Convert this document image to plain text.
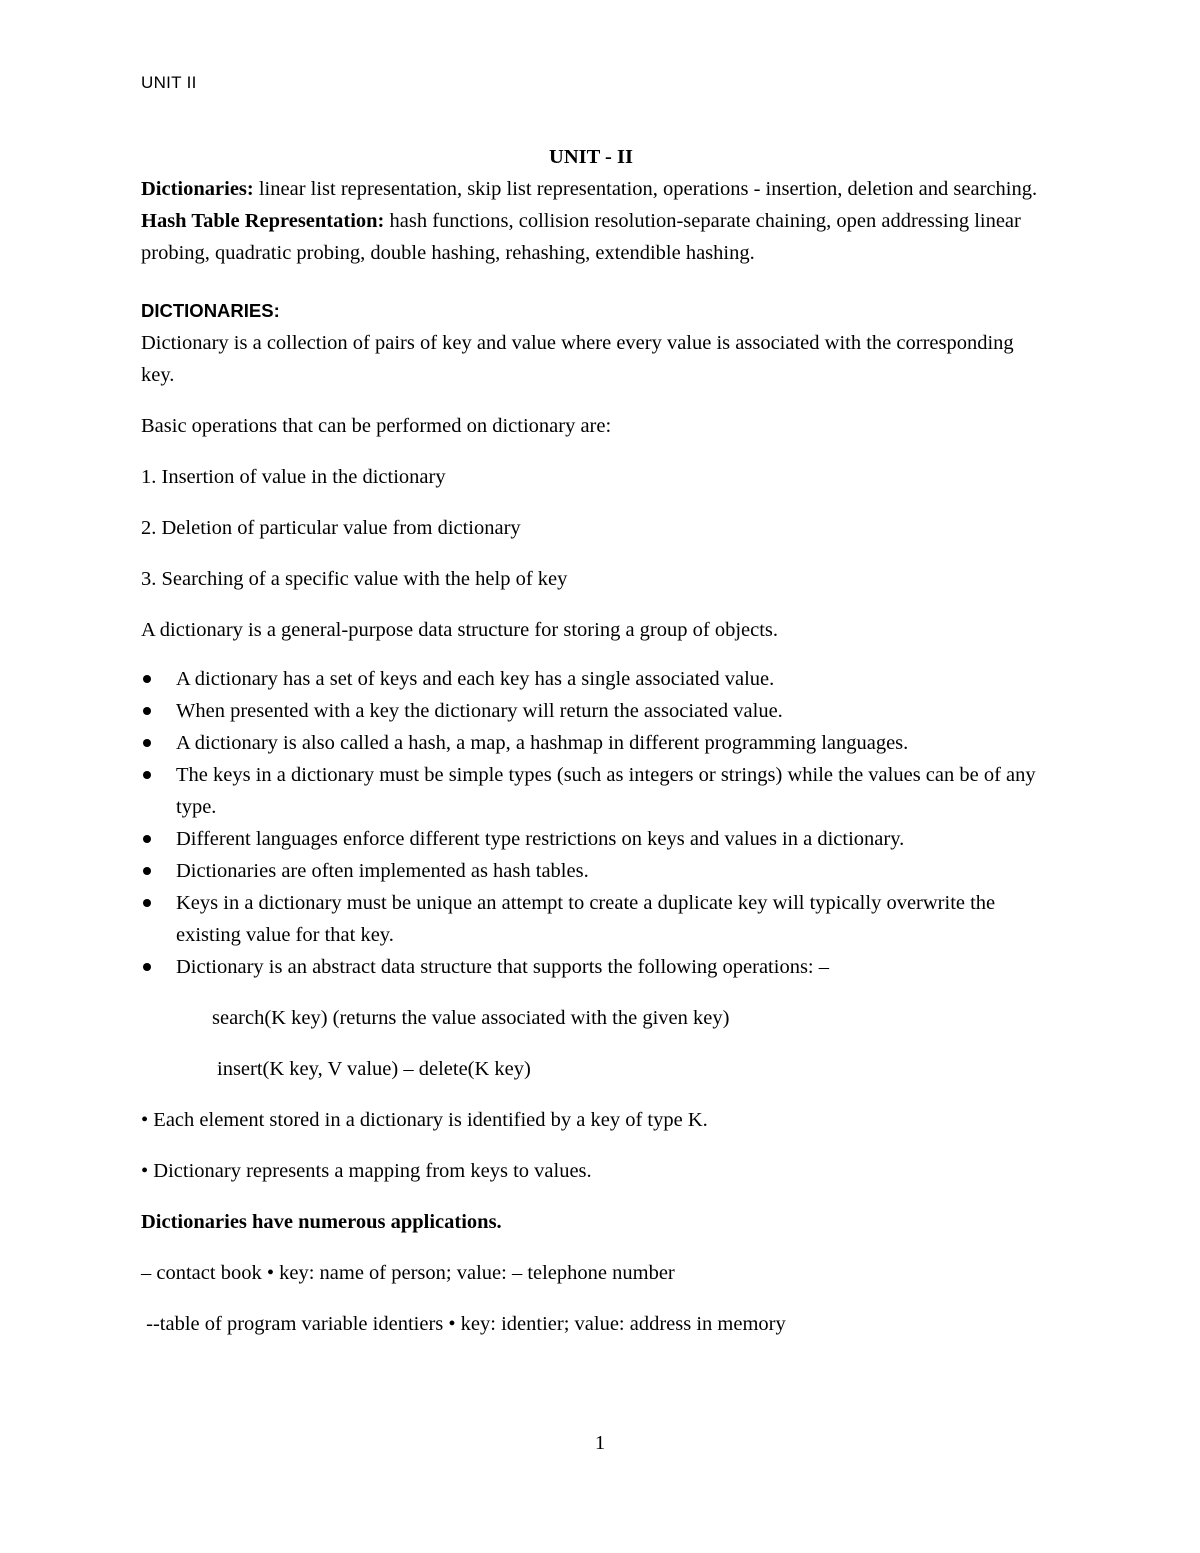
UNIT II

UNIT - II

Dictionaries: linear list representation, skip list representation, operations - insertion, deletion and searching.

Hash Table Representation: hash functions, collision resolution-separate chaining, open addressing linear probing, quadratic probing, double hashing, rehashing, extendible hashing.

DICTIONARIES:

Dictionary is a collection of pairs of key and value where every value is associated with the corresponding key.

Basic operations that can be performed on dictionary are:

1. Insertion of value in the dictionary

2. Deletion of particular value from dictionary

3. Searching of a specific value with the help of key

A dictionary is a general-purpose data structure for storing a group of objects.

A dictionary has a set of keys and each key has a single associated value.
When presented with a key the dictionary will return the associated value.
A dictionary is also called a hash, a map, a hashmap in different programming languages.
The keys in a dictionary must be simple types (such as integers or strings) while the values can be of any type.
Different languages enforce different type restrictions on keys and values in a dictionary.
Dictionaries are often implemented as hash tables.
Keys in a dictionary must be unique an attempt to create a duplicate key will typically overwrite the existing value for that key.
Dictionary is an abstract data structure that supports the following operations: –

search(K key) (returns the value associated with the given key)

insert(K key, V value) – delete(K key)

• Each element stored in a dictionary is identified by a key of type K.

• Dictionary represents a mapping from keys to values.

Dictionaries have numerous applications.

– contact book • key: name of person; value: – telephone number

--table of program variable identiers • key: identier; value: address in memory

1
